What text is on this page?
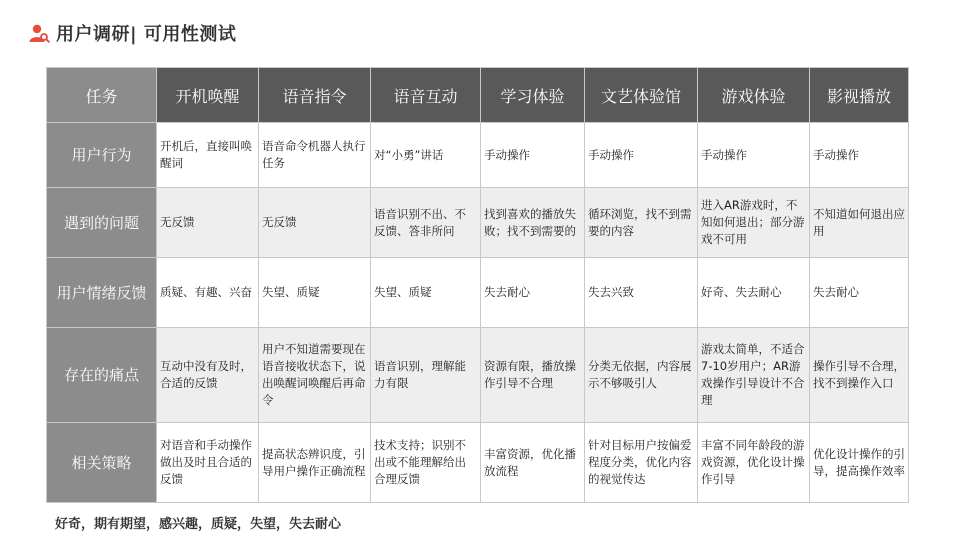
用户调研| 可用性测试
任务	开机唤醒	语音指令	语音互动	学习体验	文艺体验馆	游戏体验	影视播放
用户行为	开机后，直接叫唤醒词	语音命令机器人执行任务	对“小勇”讲话	手动操作	手动操作	手动操作	手动操作
遇到的问题	无反馈	无反馈	语音识别不出、不反馈、答非所问	找到喜欢的播放失败；找不到需要的	循环浏览，找不到需要的内容	进入AR游戏时，不知如何退出；部分游戏不可用	不知道如何退出应用
用户情绪反馈	质疑、有趣、兴奋	失望、质疑	失望、质疑	失去耐心	失去兴致	好奇、失去耐心	失去耐心
存在的痛点	互动中没有及时，合适的反馈	用户不知道需要现在语音接收状态下，说出唤醒词唤醒后再命令	语音识别，理解能力有限	资源有限，播放操作引导不合理	分类无依据，内容展示不够吸引人	游戏太简单，不适合7-10岁用户；AR游戏操作引导设计不合理	操作引导不合理，找不到操作入口
相关策略	对语音和手动操作做出及时且合适的反馈	提高状态辨识度，引导用户操作正确流程	技术支持；识别不出或不能理解给出合理反馈	丰富资源，优化播放流程	针对目标用户按偏爱程度分类，优化内容的视觉传达	丰富不同年龄段的游戏资源，优化设计操作引导	优化设计操作的引导，提高操作效率
好奇，期有期望，感兴趣，质疑，失望，失去耐心
